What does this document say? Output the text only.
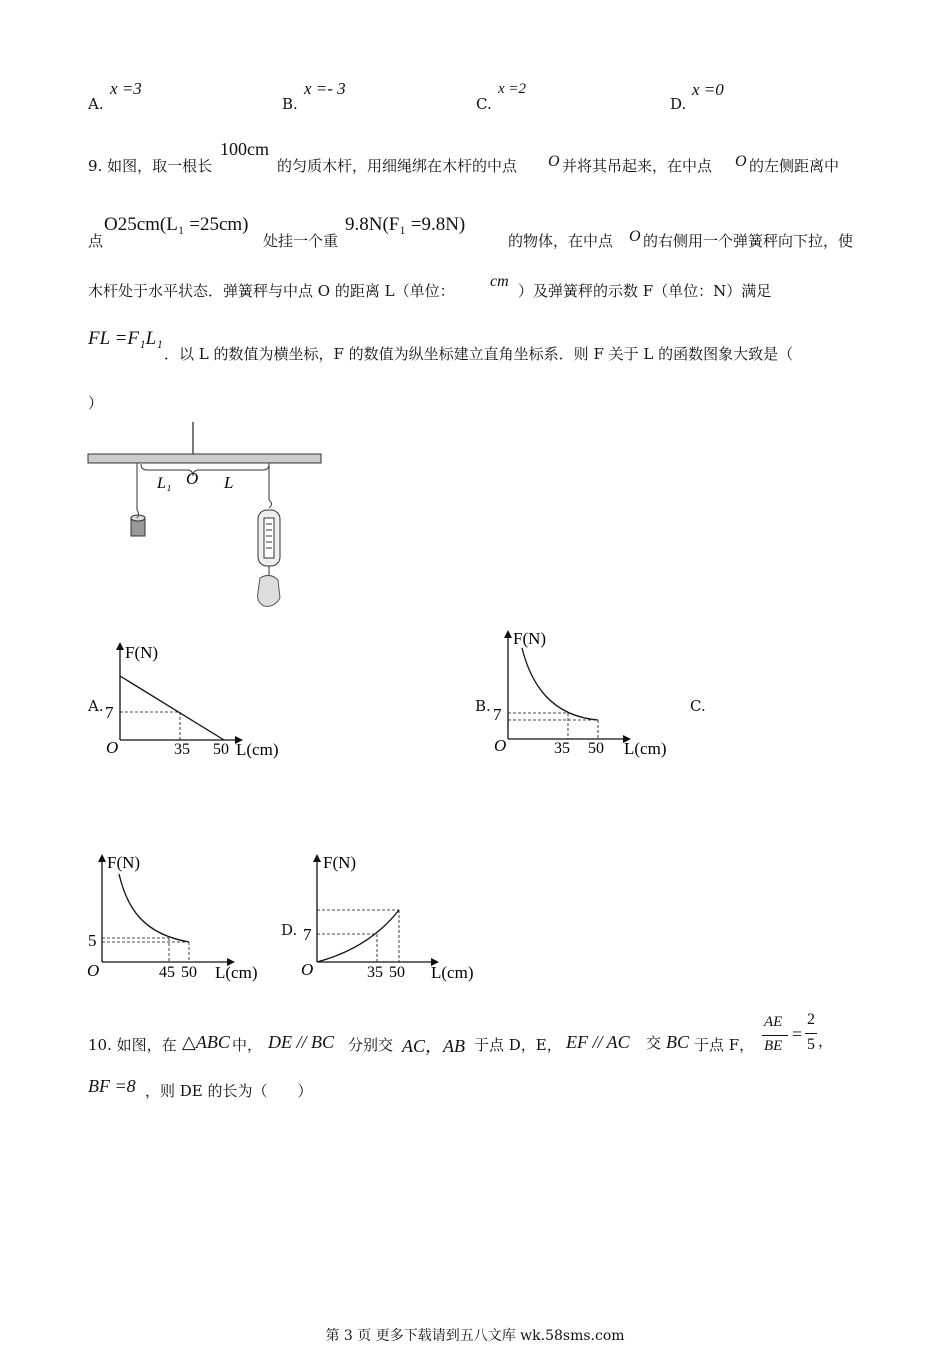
A.
x =3
B.
x =- 3
C.
x =2
D.
x =0
9. 如图，取一根长
100cm
的匀质木杆，用细绳绑在木杆的中点 O 并将其吊起来，在中点 O 的左侧距离中
点
O25cm(L₁ =25cm)
处挂一个重
9.8N(F₁ =9.8N)
的物体，在中点 O 的右侧用一个弹簧秤向下拉，使
木杆处于水平状态．弹簧秤与中点 O 的距离 L（单位：
cm
）及弹簧秤的示数 F（单位：N）满足
FL =F₁L₁
．以 L 的数值为横坐标，F 的数值为纵坐标建立直角坐标系．则 F 关于 L 的函数图象大致是（
）
L₁ O L
A.
F(N)
7
O	35 50 L(cm)
B.
F(N)
7
O	35 50 L(cm)
C.
F(N)
5
O	45 50 L(cm)
D.
F(N)
7
O	35 50 L(cm)
10. 如图，在 △ABC 中， DE // BC 分别交 AC，AB 于点 D，E， EF // AC 交 BC 于点 F，
AE
BE
=
2
5 ，
BF =8 ，则 DE 的长为（　　）
第 3 页 更多下载请到五八文库 wk.58sms.com
